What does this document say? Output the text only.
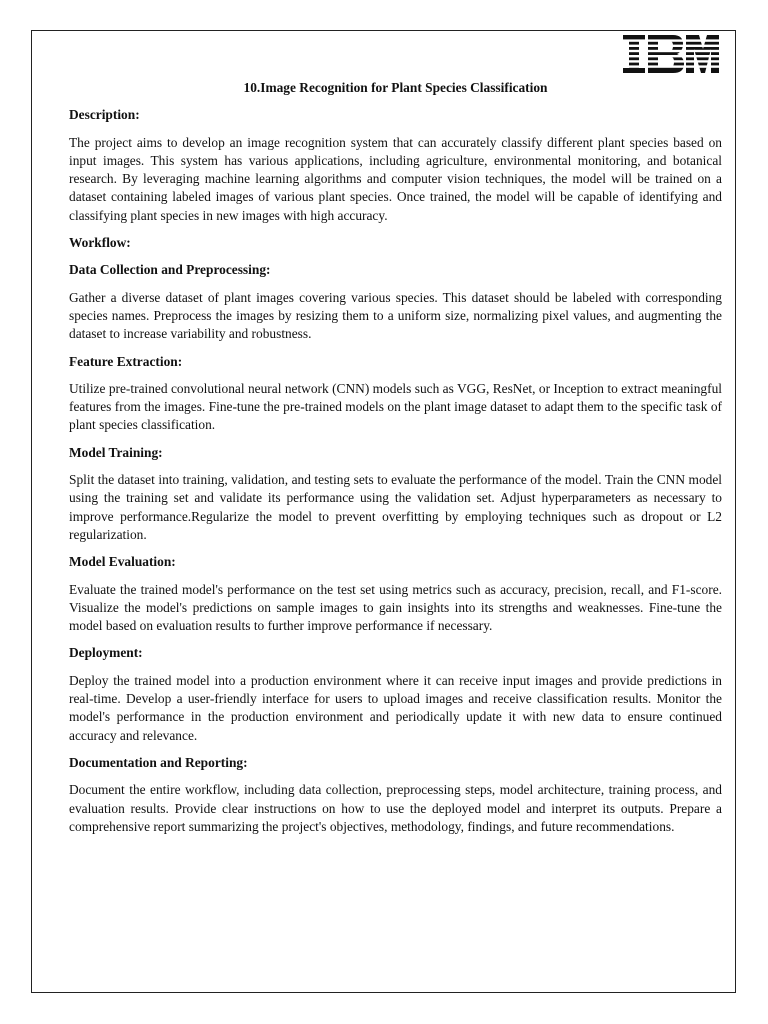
10.Image Recognition for Plant Species Classification
Description:
The project aims to develop an image recognition system that can accurately classify different plant species based on input images. This system has various applications, including agriculture, environmental monitoring, and botanical research. By leveraging machine learning algorithms and computer vision techniques, the model will be trained on a dataset containing labeled images of various plant species. Once trained, the model will be capable of identifying and classifying plant species in new images with high accuracy.
Workflow:
Data Collection and Preprocessing:
Gather a diverse dataset of plant images covering various species. This dataset should be labeled with corresponding species names. Preprocess the images by resizing them to a uniform size, normalizing pixel values, and augmenting the dataset to increase variability and robustness.
Feature Extraction:
Utilize pre-trained convolutional neural network (CNN) models such as VGG, ResNet, or Inception to extract meaningful features from the images. Fine-tune the pre-trained models on the plant image dataset to adapt them to the specific task of plant species classification.
Model Training:
Split the dataset into training, validation, and testing sets to evaluate the performance of the model. Train the CNN model using the training set and validate its performance using the validation set. Adjust hyperparameters as necessary to improve performance.Regularize the model to prevent overfitting by employing techniques such as dropout or L2 regularization.
Model Evaluation:
Evaluate the trained model's performance on the test set using metrics such as accuracy, precision, recall, and F1-score. Visualize the model's predictions on sample images to gain insights into its strengths and weaknesses. Fine-tune the model based on evaluation results to further improve performance if necessary.
Deployment:
Deploy the trained model into a production environment where it can receive input images and provide predictions in real-time. Develop a user-friendly interface for users to upload images and receive classification results. Monitor the model's performance in the production environment and periodically update it with new data to ensure continued accuracy and relevance.
Documentation and Reporting:
Document the entire workflow, including data collection, preprocessing steps, model architecture, training process, and evaluation results. Provide clear instructions on how to use the deployed model and interpret its outputs. Prepare a comprehensive report summarizing the project's objectives, methodology, findings, and future recommendations.
